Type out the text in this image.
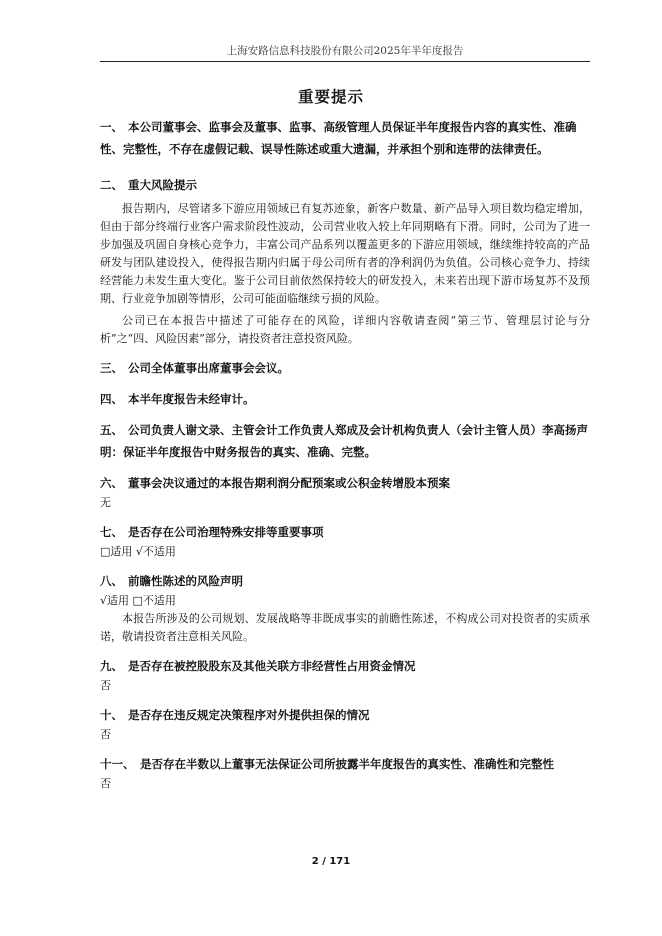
上海安路信息科技股份有限公司2025年半年度报告
重要提示
一、 本公司董事会、监事会及董事、监事、高级管理人员保证半年度报告内容的真实性、准确性、完整性，不存在虚假记载、误导性陈述或重大遗漏，并承担个别和连带的法律责任。
二、 重大风险提示
报告期内，尽管诸多下游应用领域已有复苏迹象，新客户数量、新产品导入项目数均稳定增加，但由于部分终端行业客户需求阶段性波动，公司营业收入较上年同期略有下滑。同时，公司为了进一步加强及巩固自身核心竞争力，丰富公司产品系列以覆盖更多的下游应用领域，继续维持较高的产品研发与团队建设投入，使得报告期内归属于母公司所有者的净利润仍为负值。公司核心竞争力、持续经营能力未发生重大变化。鉴于公司目前依然保持较大的研发投入，未来若出现下游市场复苏不及预期、行业竞争加剧等情形，公司可能面临继续亏损的风险。
公司已在本报告中描述了可能存在的风险，详细内容敬请查阅“第三节、管理层讨论与分析”之“四、风险因素”部分，请投资者注意投资风险。
三、 公司全体董事出席董事会会议。
四、 本半年度报告未经审计。
五、 公司负责人谢文录、主管会计工作负责人郑成及会计机构负责人（会计主管人员）李高扬声明：保证半年度报告中财务报告的真实、准确、完整。
六、 董事会决议通过的本报告期利润分配预案或公积金转增股本预案
无
七、 是否存在公司治理特殊安排等重要事项
□适用 √不适用
八、 前瞻性陈述的风险声明
√适用 □不适用
本报告所涉及的公司规划、发展战略等非既成事实的前瞻性陈述，不构成公司对投资者的实质承诺，敬请投资者注意相关风险。
九、 是否存在被控股股东及其他关联方非经营性占用资金情况
否
十、 是否存在违反规定决策程序对外提供担保的情况
否
十一、 是否存在半数以上董事无法保证公司所披露半年度报告的真实性、准确性和完整性
否
2 / 171
